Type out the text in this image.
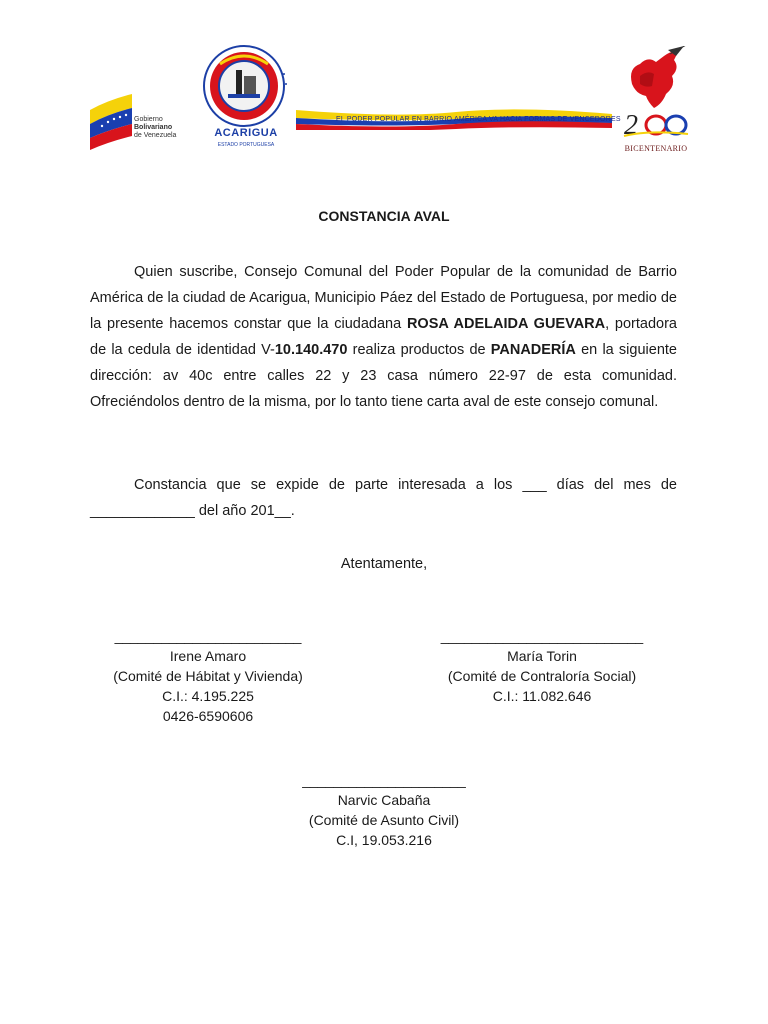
Gobierno
Bolivariano
de Venezuela	ACARIGUA
ESTADO PORTUGUESA
EL PODER POPULAR EN BARRIO AMÉRICA VA HACIA FORMAS DE VENCEDORES 2
BICENTENARIO
CONSTANCIA AVAL
Quien suscribe, Consejo Comunal del Poder Popular de la comunidad de Barrio América de la ciudad de Acarigua, Municipio Páez del Estado de Portuguesa, por medio de la presente hacemos constar que la ciudadana ROSA ADELAIDA GUEVARA, portadora de la cedula de identidad V-10.140.470 realiza productos de PANADERÍA en la siguiente dirección: av 40c entre calles 22 y 23 casa número 22-97 de esta comunidad. Ofreciéndolos dentro de la misma, por lo tanto tiene carta aval de este consejo comunal.
Constancia que se expide de parte interesada a los ___ días del mes de _____________ del año 201__.
Atentamente,
________________________
Irene Amaro
(Comité de Hábitat y Vivienda)
C.I.: 4.195.225
0426-6590606
__________________________
María Torin
(Comité de Contraloría Social)
C.I.: 11.082.646
_____________________
Narvic Cabaña
(Comité de Asunto Civil)
C.I, 19.053.216
